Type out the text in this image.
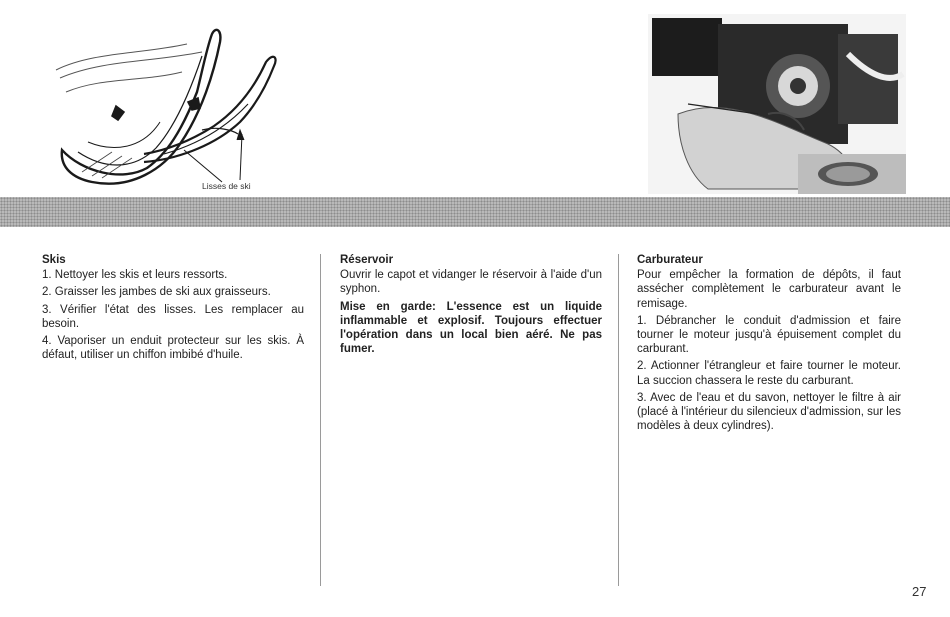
Lisses de ski
Skis

1. Nettoyer les skis et leurs ressorts.

2. Graisser les jambes de ski aux graisseurs.

3. Vérifier l'état des lisses. Les remplacer au besoin.

4. Vaporiser un enduit protecteur sur les skis. À défaut, utiliser un chiffon imbibé d'huile.

Réservoir

Ouvrir le capot et vidanger le réservoir à l'aide d'un syphon.

Mise en garde: L'essence est un liquide inflammable et explosif. Toujours effectuer l'opération dans un local bien aéré. Ne pas fumer.

Carburateur

Pour empêcher la formation de dépôts, il faut assécher complètement le carburateur avant le remisage.

1. Débrancher le conduit d'admission et faire tourner le moteur jusqu'à épuisement complet du carburant.

2. Actionner l'étrangleur et faire tourner le moteur. La succion chassera le reste du carburant.

3. Avec de l'eau et du savon, nettoyer le filtre à air (placé à l'intérieur du silencieux d'admission, sur les modèles à deux cylindres).

27
